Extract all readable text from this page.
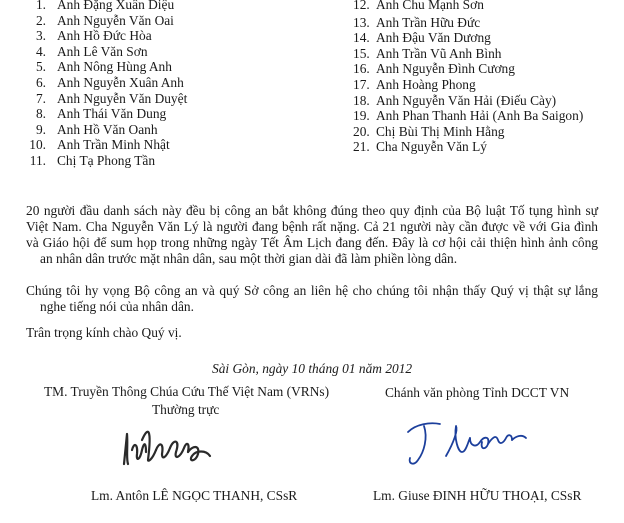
1. Anh Đặng Xuân Diệu
2. Anh Nguyễn Văn Oai
3. Anh Hồ Đức Hòa
4. Anh Lê Văn Sơn
5. Anh Nông Hùng Anh
6. Anh Nguyễn Xuân Anh
7. Anh Nguyễn Văn Duyệt
8. Anh Thái Văn Dung
9. Anh Hồ Văn Oanh
10. Anh Trần Minh Nhật
11. Chị Tạ Phong Tần
12. Anh Chu Mạnh Sơn
13. Anh Trần Hữu Đức
14. Anh Đậu Văn Dương
15. Anh Trần Vũ Anh Bình
16. Anh Nguyễn Đình Cương
17. Anh Hoàng Phong
18. Anh Nguyễn Văn Hải (Điếu Cày)
19. Anh Phan Thanh Hải (Anh Ba Saigon)
20. Chị Bùi Thị Minh Hằng
21. Cha Nguyễn Văn Lý
20 người đầu danh sách này đều bị công an bắt không đúng theo quy định của Bộ luật Tố tụng hình sự
Việt Nam. Cha Nguyễn Văn Lý là người đang bệnh rất nặng. Cả 21 người này cần được về với Gia đình
và Giáo hội để sum họp trong những ngày Tết Âm Lịch đang đến. Đây là cơ hội cải thiện hình ảnh công
an nhân dân trước mặt nhân dân, sau một thời gian dài đã làm phiền lòng dân.
Chúng tôi hy vọng Bộ công an và quý Sở công an liên hệ cho chúng tôi nhận thấy Quý vị thật sự lắng
nghe tiếng nói của nhân dân.
Trân trọng kính chào Quý vị.
Sài Gòn, ngày 10 tháng 01 năm 2012
TM. Truyền Thông Chúa Cứu Thế Việt Nam (VRNs)
Thường trực
Chánh văn phòng Tỉnh DCCT VN
Lm. Antôn LÊ NGỌC THANH, CSsR	Lm. Giuse ĐINH HỮU THOẠI, CSsR
